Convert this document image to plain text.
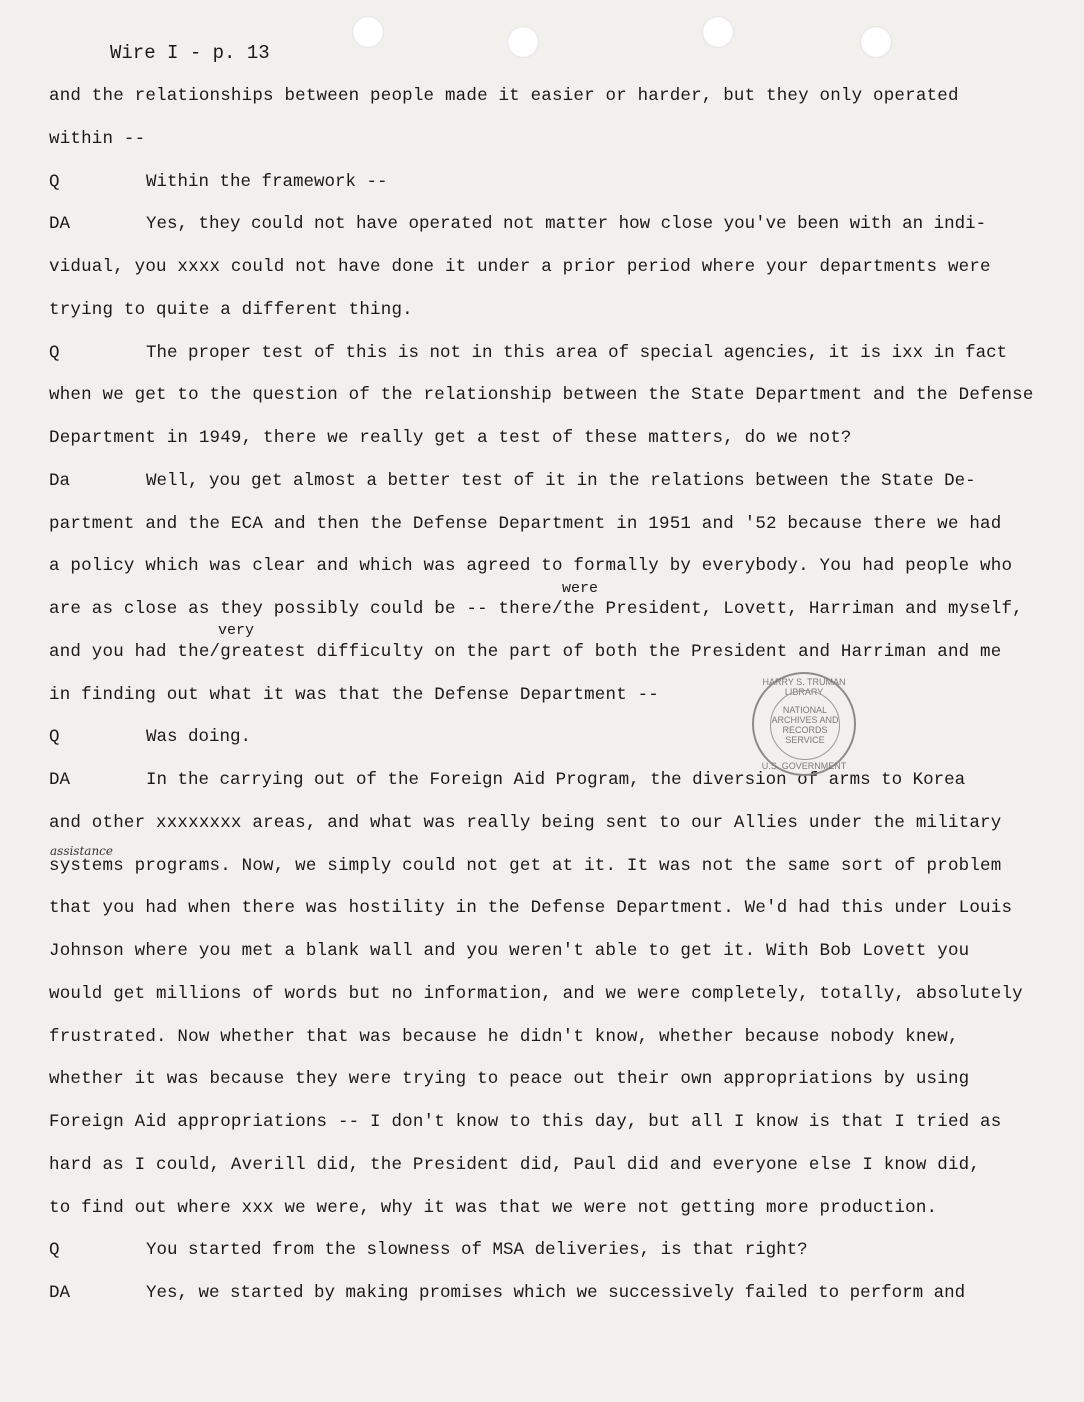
Wire I - p. 13
and the relationships between people made it easier or harder, but they only operated
within --
Q	Within the framework --
DA	Yes, they could not have operated not matter how close you've been with an indi-
vidual, you xxxx could not have done it under a prior period where your departments were
trying to quite a different thing.
Q	The proper test of this is not in this area of special agencies, it is ixx in fact
when we get to the question of the relationship between the State Department and the Defense
Department in 1949, there we really get a test of these matters, do we not?
Da	Well, you get almost a better test of it in the relations between the State De-
partment and the ECA and then the Defense Department in 1951 and '52 because there we had
a policy which was clear and which was agreed to formally by everybody. You had people who
are as close as they possibly could be -- there/the President, Lovett, Harriman and myself,
and you had the/greatest difficulty on the part of both the President and Harriman and me
in finding out what it was that the Defense Department --
Q	Was doing.
DA	In the carrying out of the Foreign Aid Program, the diversion of arms to Korea
and other xxxxxxxx areas, and what was really being sent to our Allies under the military
systems programs. Now, we simply could not get at it. It was not the same sort of problem
that you had when there was hostility in the Defense Department. We'd had this under Louis
Johnson where you met a blank wall and you weren't able to get it. With Bob Lovett you
would get millions of words but no information, and we were completely, totally, absolutely
frustrated. Now whether that was because he didn't know, whether because nobody knew,
whether it was because they were trying to peace out their own appropriations by using
Foreign Aid appropriations -- I don't know to this day, but all I know is that I tried as
hard as I could, Averill did, the President did, Paul did and everyone else I know did,
to find out where xxx we were, why it was that we were not getting more production.
Q	You started from the slowness of MSA deliveries, is that right?
DA	Yes, we started by making promises which we successively failed to perform and
were
very
assistance
HARRY S. TRUMAN LIBRARY
NATIONAL
ARCHIVES AND
RECORDS
SERVICE
U.S. GOVERNMENT
